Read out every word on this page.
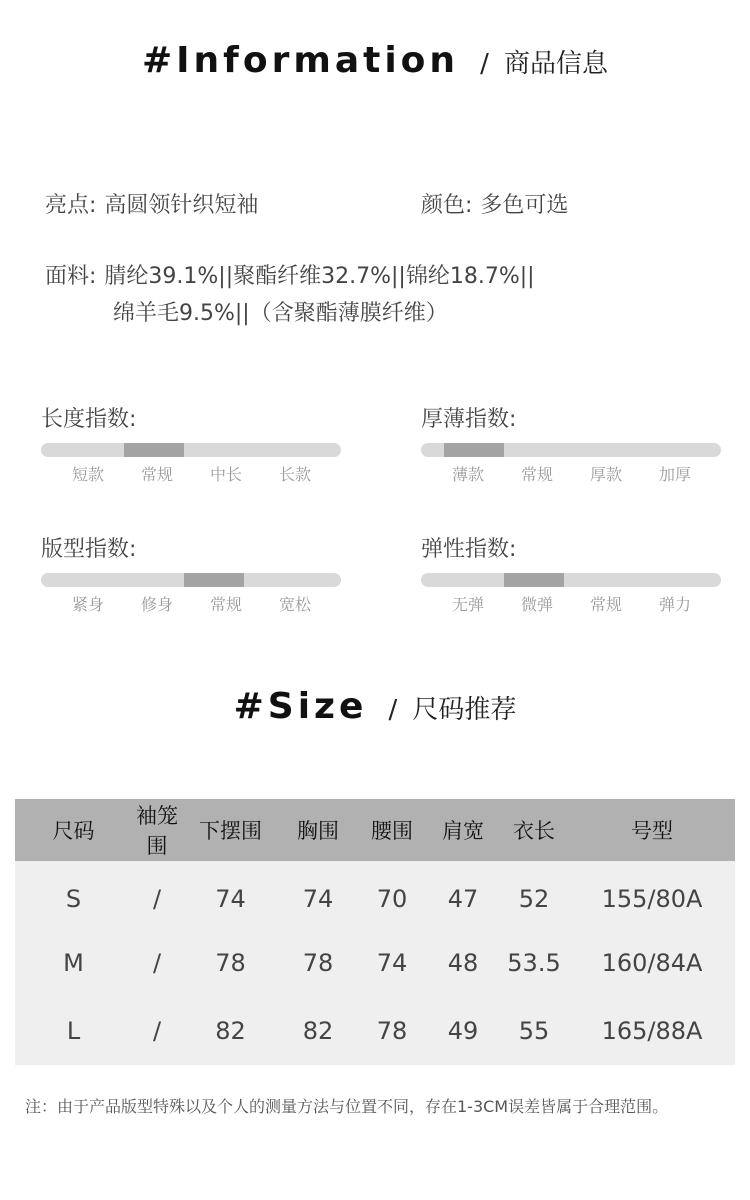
#Information / 商品信息
亮点: 高圆领针织短袖	颜色: 多色可选
面料: 腈纶39.1%||聚酯纤维32.7%||锦纶18.7%||
绵羊毛9.5%||（含聚酯薄膜纤维）
长度指数:
短款 常规 中长 长款
厚薄指数:
薄款 常规 厚款 加厚
版型指数:
紧身 修身 常规 宽松
弹性指数:
无弹 微弹 常规 弹力
#Size / 尺码推荐
尺码	袖笼围	下摆围	胸围	腰围	肩宽	衣长	号型
S	/	74	74	70	47	52	155/80A
M	/	78	78	74	48	53.5	160/84A
L	/	82	82	78	49	55	165/88A
注：由于产品版型特殊以及个人的测量方法与位置不同，存在1-3CM误差皆属于合理范围。
